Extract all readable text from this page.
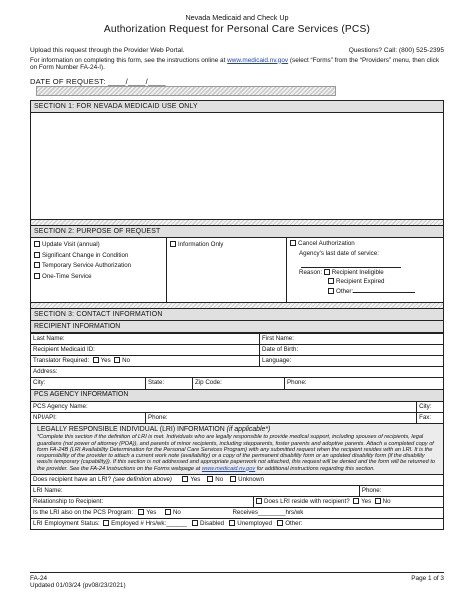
Nevada Medicaid and Check Up
Authorization Request for Personal Care Services (PCS)
Upload this request through the Provider Web Portal.	Questions? Call: (800) 525-2395
For information on completing this form, see the instructions online at www.medicaid.nv.gov (select “Forms” from the “Providers” menu, then click on Form Number FA-24-I).
DATE OF REQUEST: ____/____/____
SECTION 1: FOR NEVADA MEDICAID USE ONLY
SECTION 2: PURPOSE OF REQUEST
Update Visit (annual)
Significant Change in Condition
Temporary Service Authorization
One-Time Service
Information Only	Cancel Authorization
Agency's last date of service:
Reason: Recipient Ineligible
Recipient Expired
Other:
SECTION 3: CONTACT INFORMATION
RECIPIENT INFORMATION
Last Name:	First Name:
Recipient Medicaid ID:	Date of Birth:
Translator Required: Yes No	Language:
Address:	
City:	State:	Zip Code:	Phone:
PCS AGENCY INFORMATION
PCS Agency Name:		City:
NPI/API:	Phone:	Fax:
LEGALLY RESPONSIBLE INDIVIDUAL (LRI) INFORMATION (if applicable*)
*Complete this section if the definition of LRI is met. Individuals who are legally responsible to provide medical support, including spouses of recipients, legal guardians (not power of attorney (POA)), and parents of minor recipients, including stepparents, foster parents and adoptive parents. Attach a completed copy of form FA-24B (LRI Availability Determination for the Personal Care Services Program) with any submitted request when the recipient resides with an LRI. It is the responsibility of the provider to attach a current work note (availability) or a copy of the permanent disability form or an updated disability form (if the disability was/is temporary (capability)). If this section is not addressed and appropriate paperwork not attached, this request will be denied and the form will be returned to the provider. See the FA-24 Instructions on the Forms webpage at www.medicaid.nv.gov for additional instructions regarding this section.
Does recipient have an LRI? (see definition above) Yes No Unknown		
LRI Name:		Phone:
Relationship to Recipient:	Does LRI reside with recipient? Yes No	
Is the LRI also on the PCS Program: Yes No Receives________hrs/wk		
LRI Employment Status: Employed # Hrs/wk:______ Disabled Unemployed Other:		
FA-24
Updated 01/03/24 (pv08/23/2021)
Page 1 of 3
